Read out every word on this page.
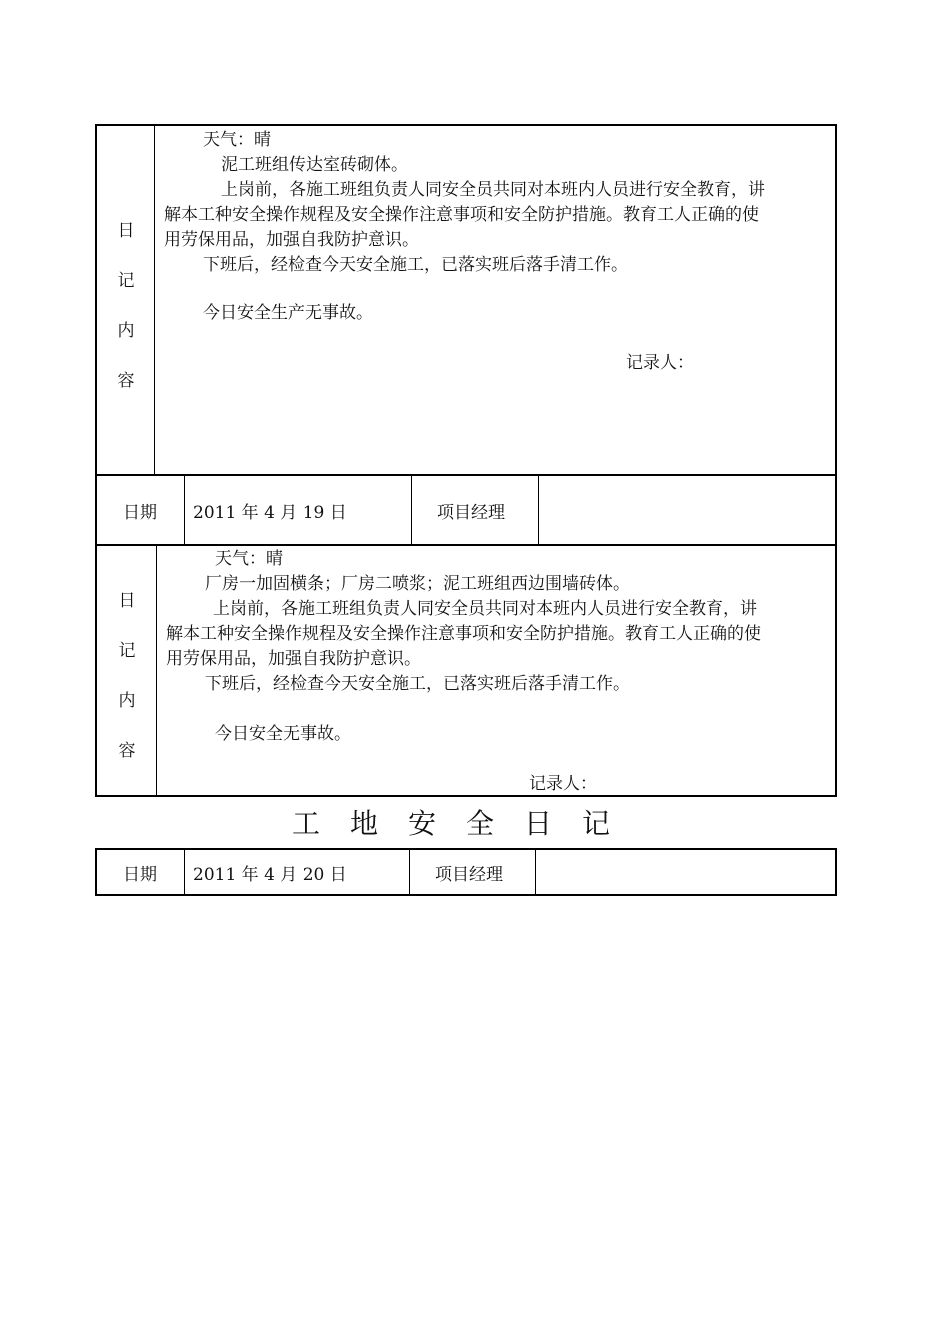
日
记
内
容
天气：晴
泥工班组传达室砖砌体。
上岗前，各施工班组负责人同安全员共同对本班内人员进行安全教育，讲
解本工种安全操作规程及安全操作注意事项和安全防护措施。教育工人正确的使
用劳保用品，加强自我防护意识。
下班后，经检查今天安全施工，已落实班后落手清工作。
今日安全生产无事故。
记录人：
日期 2011 年 4 月 19 日	项目经理
日
记
内
容
天气：晴
厂房一加固横条；厂房二喷浆；泥工班组西边围墙砖体。
上岗前，各施工班组负责人同安全员共同对本班内人员进行安全教育，讲
解本工种安全操作规程及安全操作注意事项和安全防护措施。教育工人正确的使
用劳保用品，加强自我防护意识。
下班后，经检查今天安全施工，已落实班后落手清工作。
今日安全无事故。
记录人：
工地安全日记
日期 2011 年 4 月 20 日	项目经理
